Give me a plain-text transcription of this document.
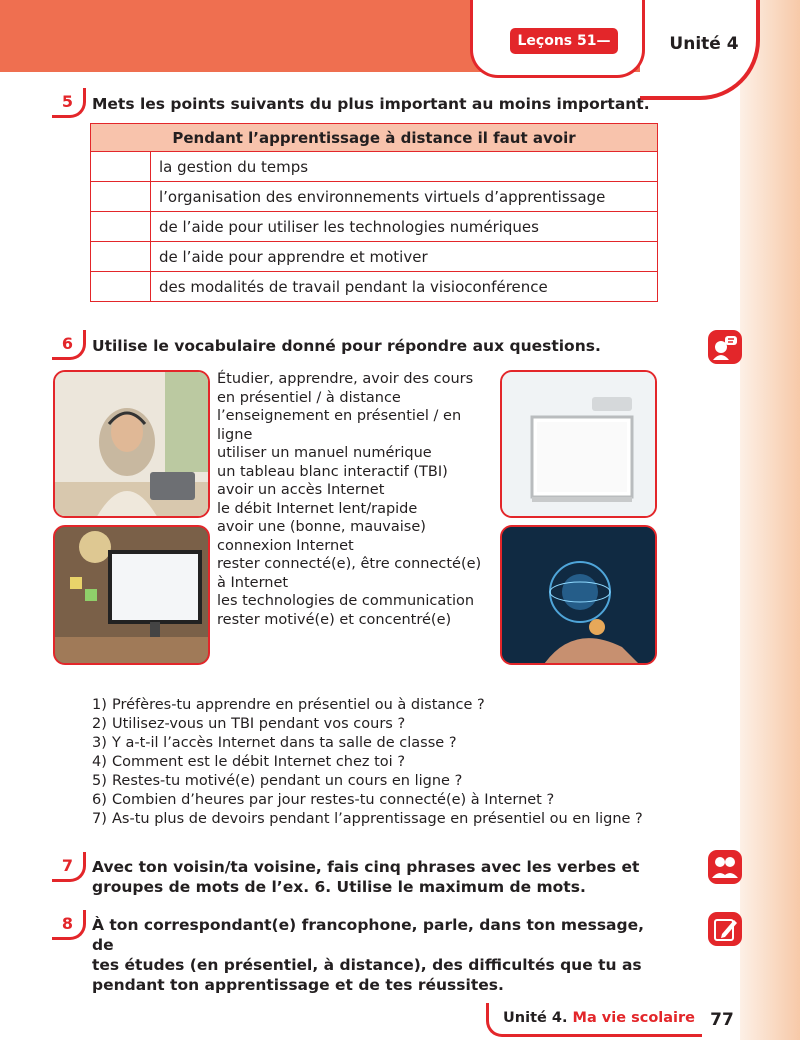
Leçons 51—52
Unité 4
5	Mets les points suivants du plus important au moins important.
Pendant l’apprentissage à distance il faut avoir	
	la gestion du temps
	l’organisation des environnements virtuels d’apprentissage
	de l’aide pour utiliser les technologies numériques
	de l’aide pour apprendre et motiver
	des modalités de travail pendant la visioconférence
6	Utilise le vocabulaire donné pour répondre aux questions.
Étudier, apprendre, avoir des cours
en présentiel / à distance
l’enseignement en présentiel / en
ligne
utiliser un manuel numérique
un tableau blanc interactif (TBI)
avoir un accès Internet
le débit Internet lent/rapide
avoir une (bonne, mauvaise)
connexion Internet
rester connecté(e), être connecté(e)
à Internet
les technologies de communication
rester motivé(e) et concentré(e)
1) Préfères-tu apprendre en présentiel ou à distance ?
2) Utilisez-vous un TBI pendant vos cours ?
3) Y a-t-il l’accès Internet dans ta salle de classe ?
4) Comment est le débit Internet chez toi ?
5) Restes-tu motivé(e) pendant un cours en ligne ?
6) Combien d’heures par jour restes-tu connecté(e) à Internet ?
7) As-tu plus de devoirs pendant l’apprentissage en présentiel ou en ligne ?
7	Avec ton voisin/ta voisine, fais cinq phrases avec les verbes et
groupes de mots de l’ex. 6. Utilise le maximum de mots.
8	À ton correspondant(e) francophone, parle, dans ton message, de
tes études (en présentiel, à distance), des difficultés que tu as
pendant ton apprentissage et de tes réussites.
Unité 4. Ma vie scolaire 77
